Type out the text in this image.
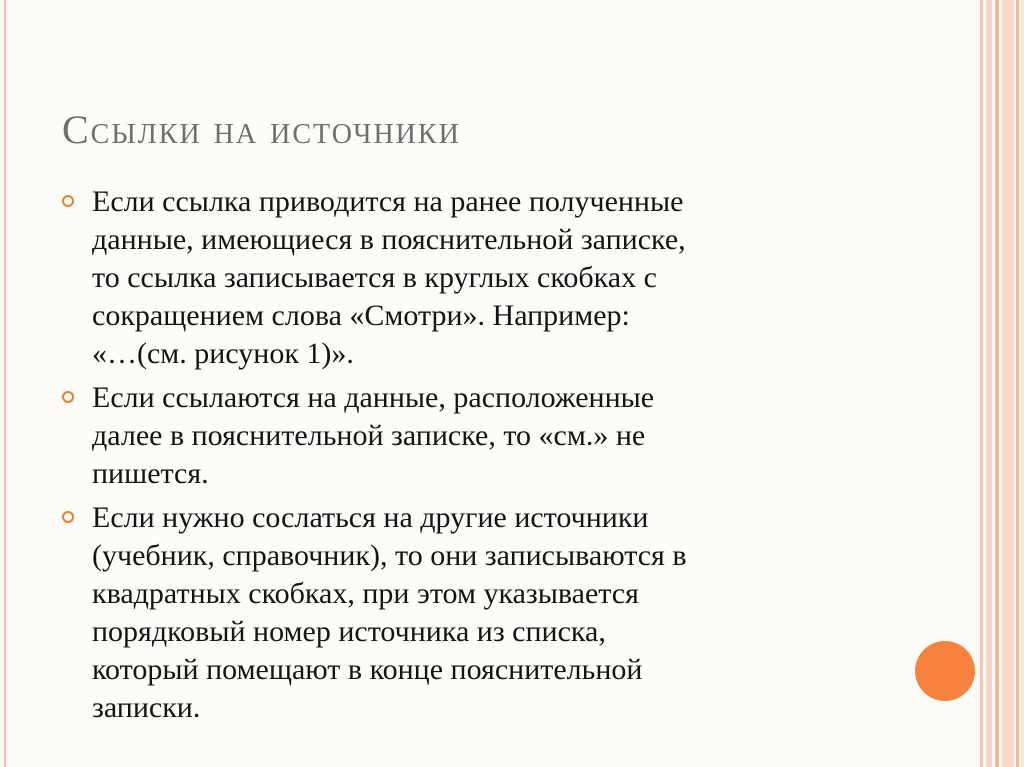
Ссылки на источники
Если ссылка приводится на ранее полученные
данные, имеющиеся в пояснительной записке,
то ссылка записывается в круглых скобках с
сокращением слова «Смотри». Например:
«…(см. рисунок 1)».
Если ссылаются на данные, расположенные
далее в пояснительной записке, то «см.» не
пишется.
Если нужно сослаться на другие источники
(учебник, справочник), то они записываются в
квадратных скобках, при этом указывается
порядковый номер источника из списка,
который помещают в конце пояснительной
записки.
